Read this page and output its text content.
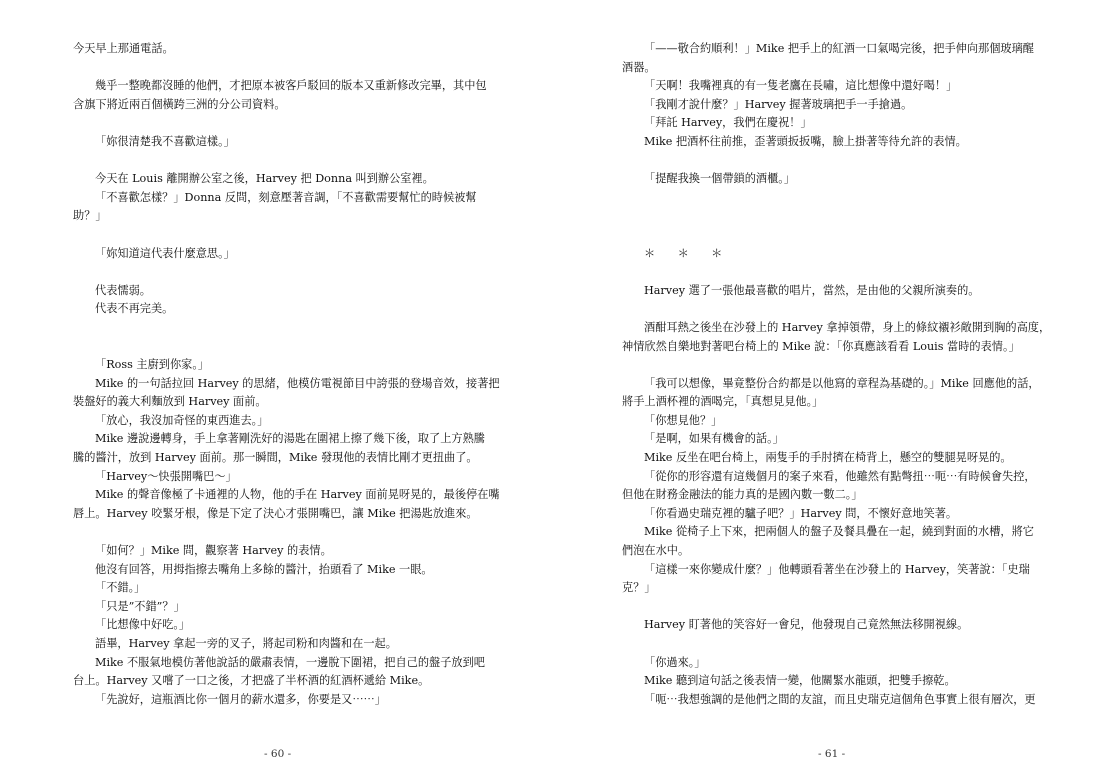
今天早上那通電話。
幾乎一整晚都沒睡的他們，才把原本被客戶駁回的版本又重新修改完畢，其中包
含旗下將近兩百個橫跨三洲的分公司資料。
「妳很清楚我不喜歡這樣。」
今天在 Louis 離開辦公室之後，Harvey 把 Donna 叫到辦公室裡。
「不喜歡怎樣？」Donna 反問，刻意壓著音調，「不喜歡需要幫忙的時候被幫
助？」
「妳知道這代表什麼意思。」
代表懦弱。
代表不再完美。
「Ross 主廚到你家。」
Mike 的一句話拉回 Harvey 的思緒，他模仿電視節目中誇張的登場音效，接著把
裝盤好的義大利麵放到 Harvey 面前。
「放心，我沒加奇怪的東西進去。」
Mike 邊說邊轉身，手上拿著剛洗好的湯匙在圍裙上擦了幾下後，取了上方熟騰
騰的醬汁，放到 Harvey 面前。那一瞬間，Mike 發現他的表情比剛才更扭曲了。
「Harvey～快張開嘴巴～」
Mike 的聲音像極了卡通裡的人物，他的手在 Harvey 面前晃呀晃的，最後停在嘴
唇上。Harvey 咬緊牙根，像是下定了決心才張開嘴巴，讓 Mike 把湯匙放進來。
「如何？」Mike 問，觀察著 Harvey 的表情。
他沒有回答，用拇指擦去嘴角上多餘的醬汁，抬頭看了 Mike 一眼。
「不錯。」
「只是”不錯”？」
「比想像中好吃。」
語畢，Harvey 拿起一旁的叉子，將起司粉和肉醬和在一起。
Mike 不服氣地模仿著他說話的嚴肅表情，一邊脫下圍裙，把自己的盤子放到吧
台上。Harvey 又嚐了一口之後，才把盛了半杯酒的紅酒杯遞給 Mike。
「先說好，這瓶酒比你一個月的薪水還多，你要是又⋯⋯」
「——敬合約順利！」Mike 把手上的紅酒一口氣喝完後，把手伸向那個玻璃醒
酒器。
「天啊！我嘴裡真的有一隻老鷹在長嘯，這比想像中還好喝！」
「我剛才說什麼？」Harvey 握著玻璃把手一手搶過。
「拜託 Harvey，我們在慶祝！」
Mike 把酒杯往前推，歪著頭扳扳嘴，臉上掛著等待允許的表情。
「提醒我換一個帶鎖的酒櫃。」
＊　　＊　　＊
Harvey 選了一張他最喜歡的唱片，當然，是由他的父親所演奏的。
酒酣耳熱之後坐在沙發上的 Harvey 拿掉領帶，身上的條紋襯衫敞開到胸的高度，
神情欣然自樂地對著吧台椅上的 Mike 說：「你真應該看看 Louis 當時的表情。」
「我可以想像，畢竟整份合約都是以他寫的章程為基礎的。」Mike 回應他的話，
將手上酒杯裡的酒喝完，「真想見見他。」
「你想見他？」
「是啊，如果有機會的話。」
Mike 反坐在吧台椅上，兩隻手的手肘擠在椅背上，懸空的雙腿晃呀晃的。
「從你的形容還有這幾個月的案子來看，他雖然有點彆扭⋯呃⋯有時候會失控，
但他在財務金融法的能力真的是國內數一數二。」
「你看過史瑞克裡的驢子吧？」Harvey 問，不懷好意地笑著。
Mike 從椅子上下來，把兩個人的盤子及餐具疊在一起，繞到對面的水槽，將它
們泡在水中。
「這樣一來你變成什麼？」他轉頭看著坐在沙發上的 Harvey，笑著說：「史瑞
克？」
Harvey 盯著他的笑容好一會兒，他發現自己竟然無法移開視線。
「你過來。」
Mike 聽到這句話之後表情一變，他關緊水龍頭，把雙手擦乾。
「呃⋯我想強調的是他們之間的友誼，而且史瑞克這個角色事實上很有層次，更
- 60 -	- 61 -
